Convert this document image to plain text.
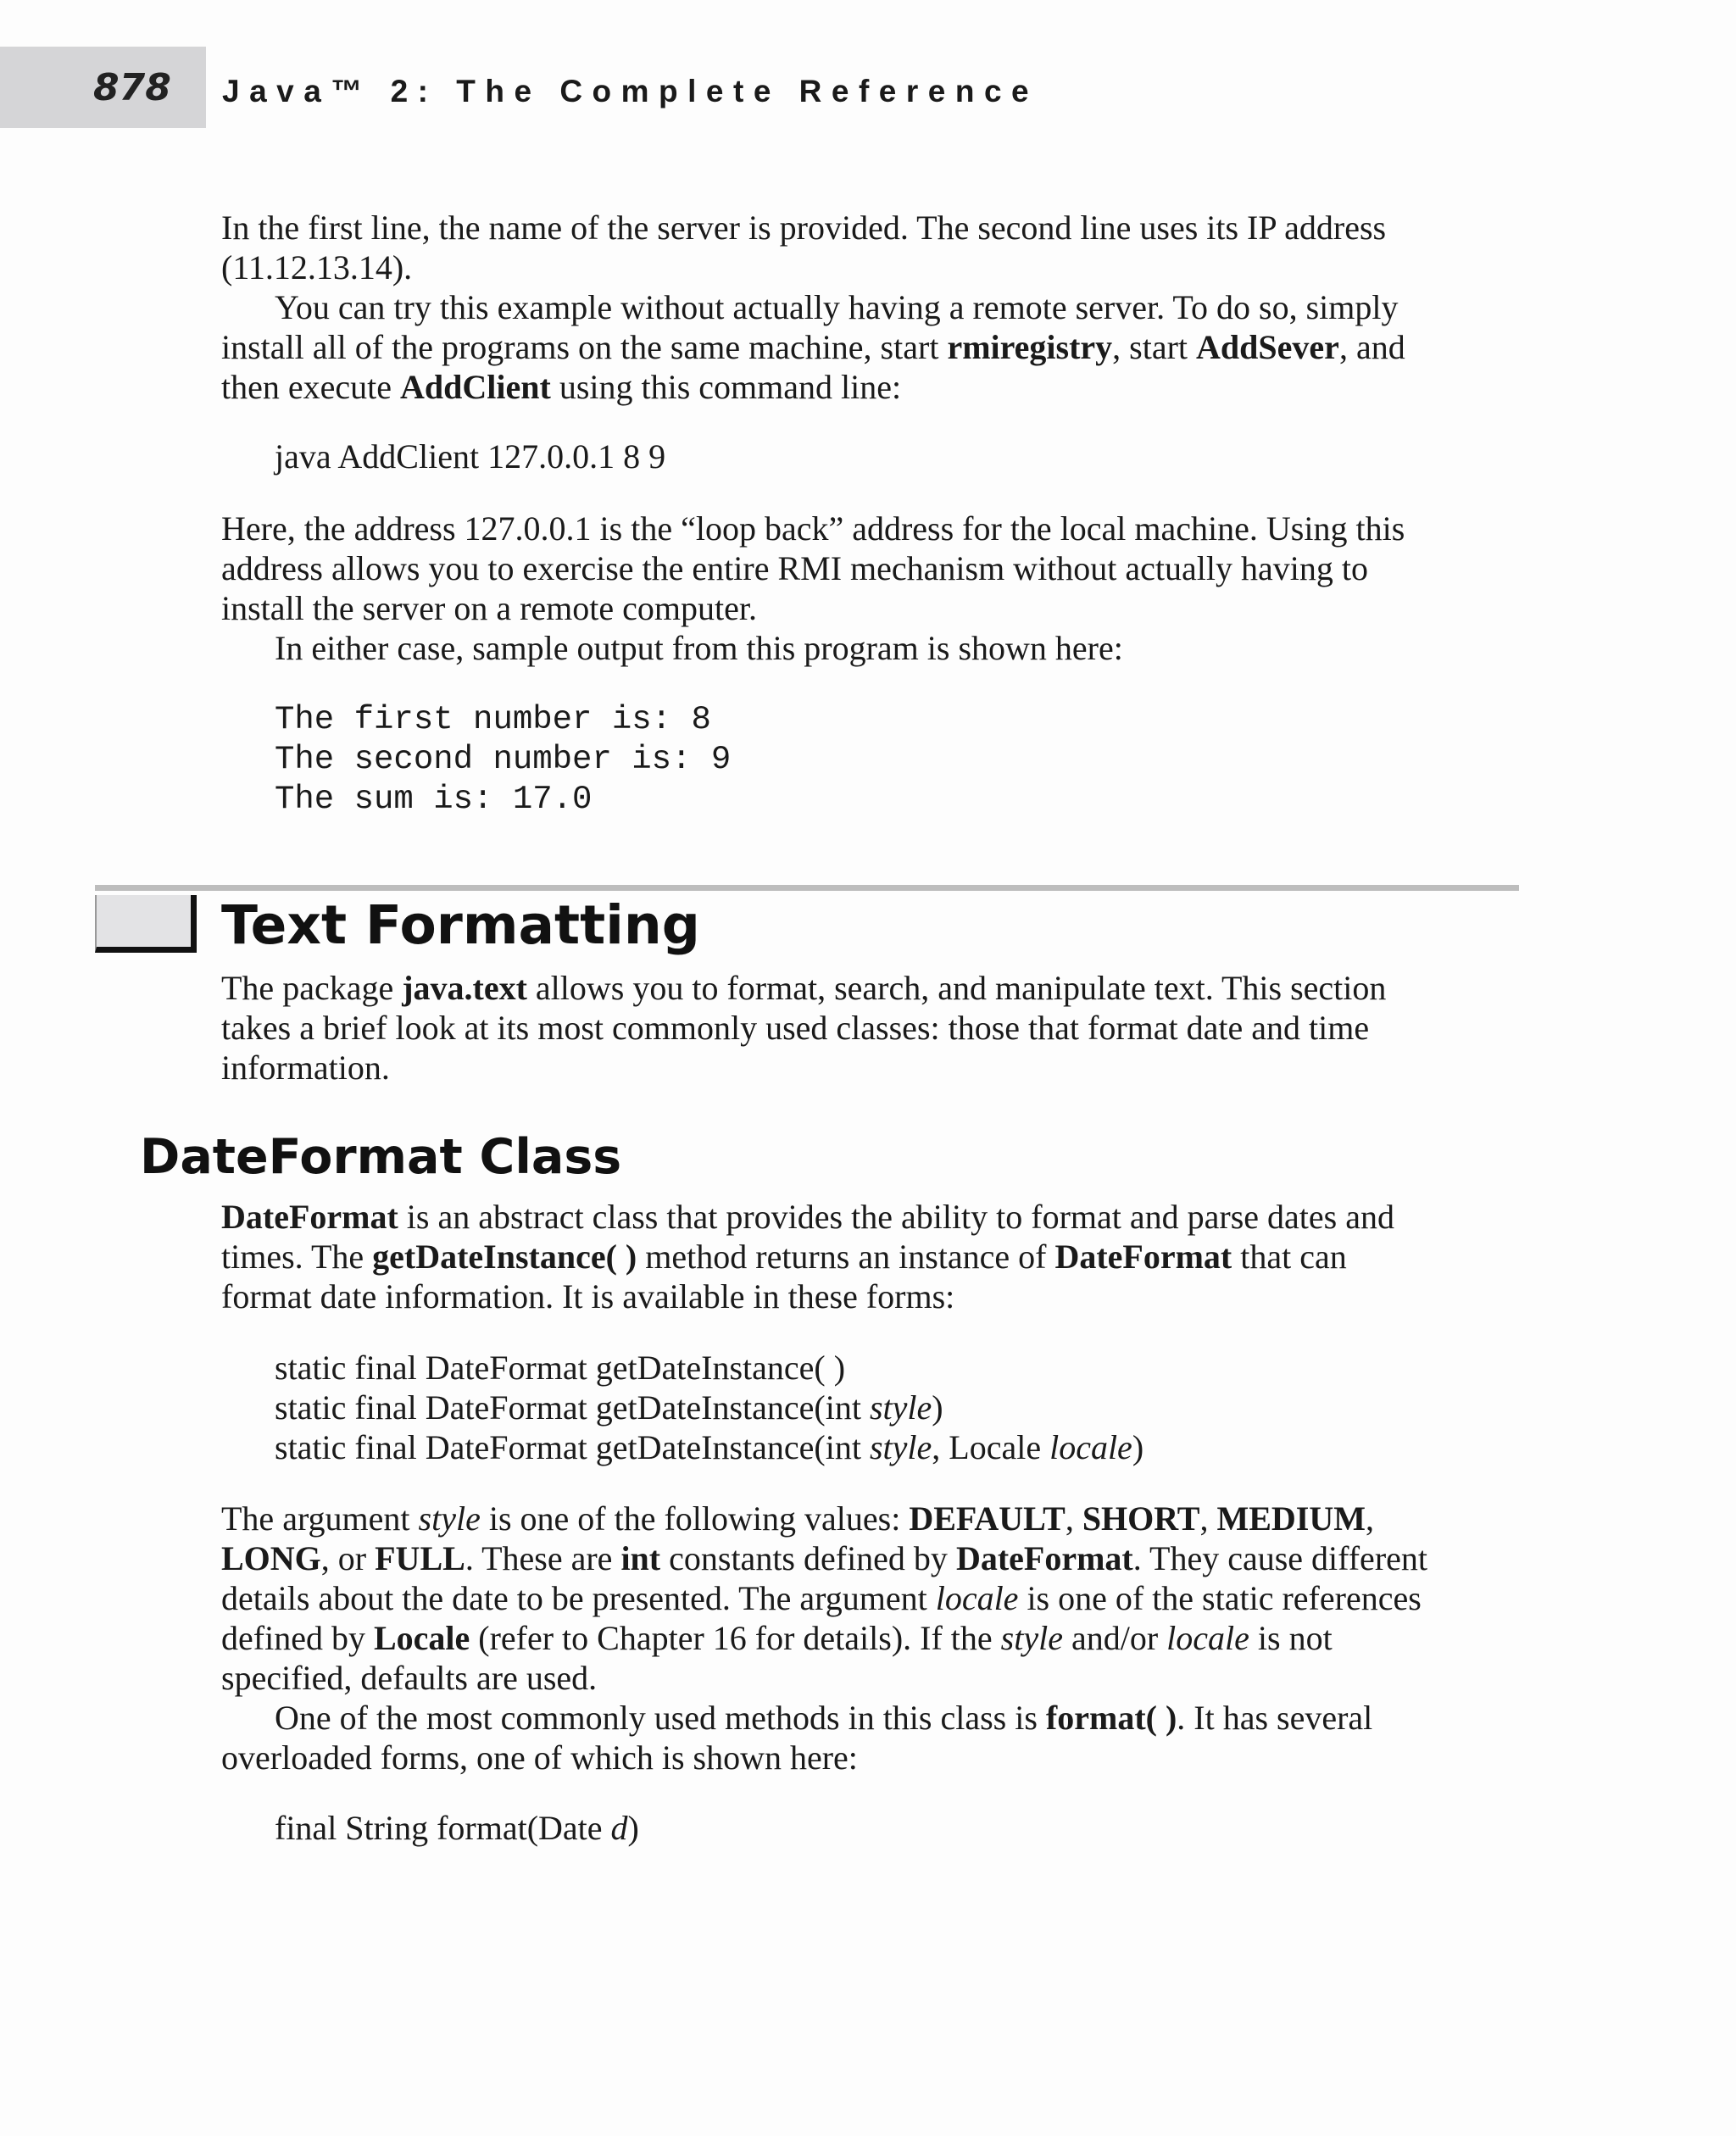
878 Java™ 2: The Complete Reference
In the first line, the name of the server is provided. The second line uses its IP address
(11.12.13.14).
You can try this example without actually having a remote server. To do so, simply
install all of the programs on the same machine, start rmiregistry, start AddSever, and
then execute AddClient using this command line:
java AddClient 127.0.0.1 8 9
Here, the address 127.0.0.1 is the “loop back” address for the local machine. Using this
address allows you to exercise the entire RMI mechanism without actually having to
install the server on a remote computer.
In either case, sample output from this program is shown here:
The first number is: 8
The second number is: 9
The sum is: 17.0
Text Formatting
The package java.text allows you to format, search, and manipulate text. This section
takes a brief look at its most commonly used classes: those that format date and time
information.
DateFormat Class
DateFormat is an abstract class that provides the ability to format and parse dates and
times. The getDateInstance( ) method returns an instance of DateFormat that can
format date information. It is available in these forms:
static final DateFormat getDateInstance( )
static final DateFormat getDateInstance(int style)
static final DateFormat getDateInstance(int style, Locale locale)
The argument style is one of the following values: DEFAULT, SHORT, MEDIUM,
LONG, or FULL. These are int constants defined by DateFormat. They cause different
details about the date to be presented. The argument locale is one of the static references
defined by Locale (refer to Chapter 16 for details). If the style and/or locale is not
specified, defaults are used.
One of the most commonly used methods in this class is format( ). It has several
overloaded forms, one of which is shown here:
final String format(Date d)
